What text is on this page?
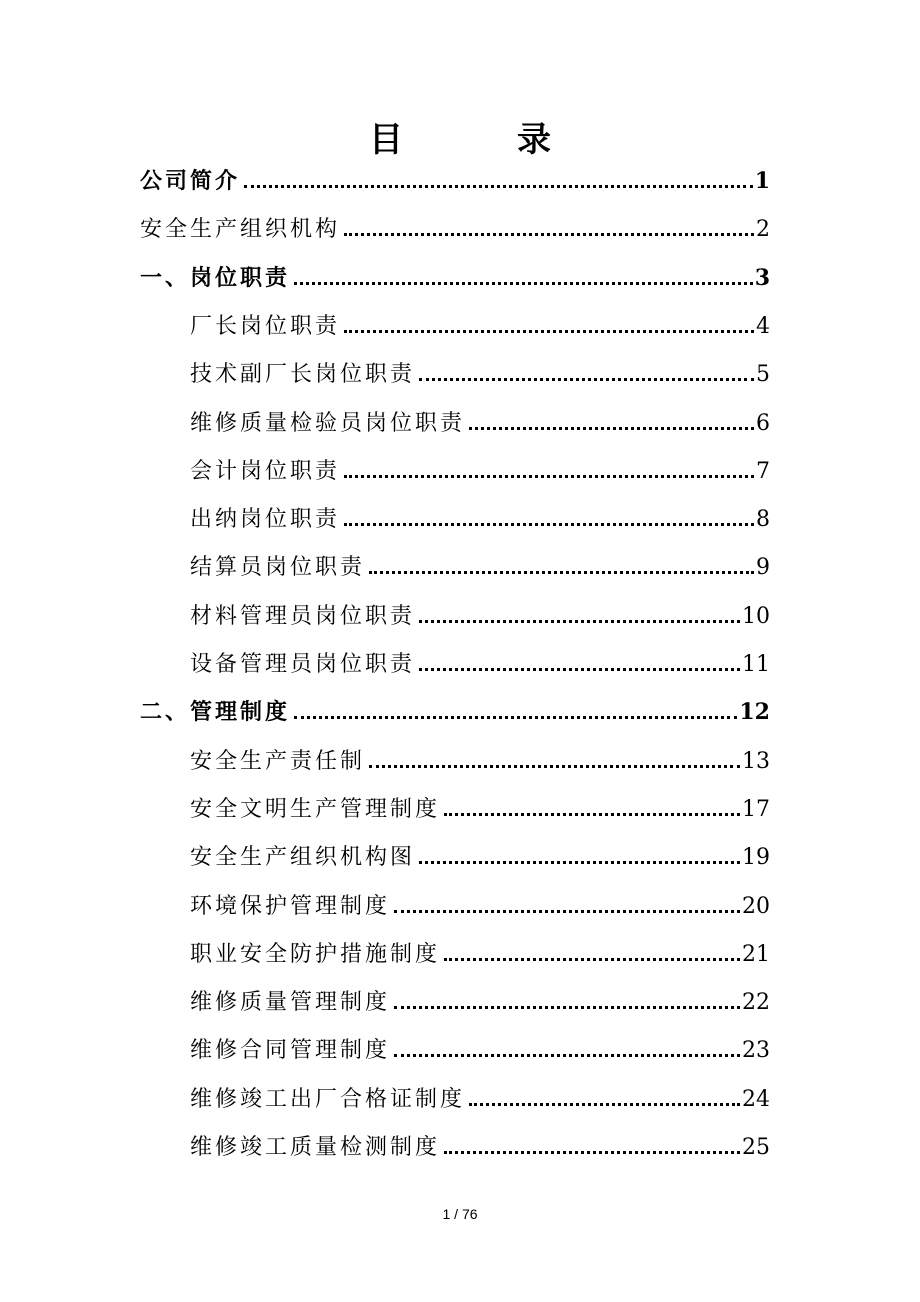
目　录
公司简介	1
安全生产组织机构	2
一、岗位职责	3
厂长岗位职责	4
技术副厂长岗位职责	5
维修质量检验员岗位职责	6
会计岗位职责	7
出纳岗位职责	8
结算员岗位职责	9
材料管理员岗位职责	10
设备管理员岗位职责	11
二、管理制度	12
安全生产责任制	13
安全文明生产管理制度	17
安全生产组织机构图	19
环境保护管理制度	20
职业安全防护措施制度	21
维修质量管理制度	22
维修合同管理制度	23
维修竣工出厂合格证制度	24
维修竣工质量检测制度	25
1 / 76
